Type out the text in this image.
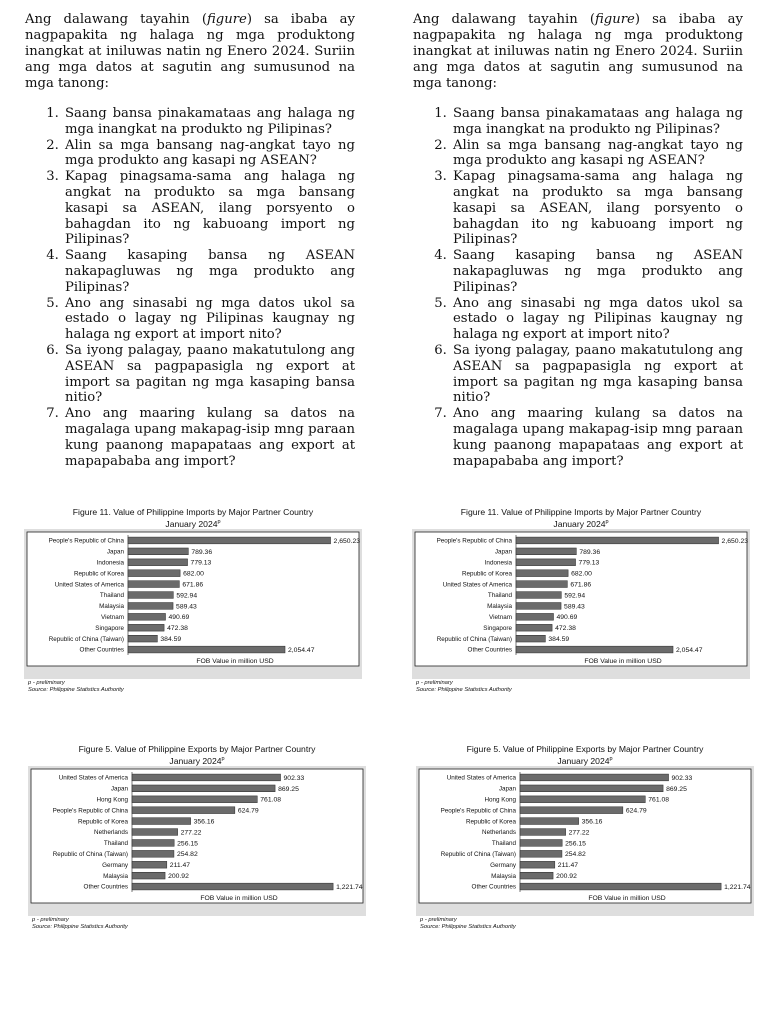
Ang dalawang tayahin (figure) sa ibaba ay nagpapakita ng halaga ng mga produktong inangkat at iniluwas natin ng Enero 2024. Suriin ang mga datos at sagutin ang sumusunod na mga tanong:

1. Saang bansa pinakamataas ang halaga ng mga inangkat na produkto ng Pilipinas?
2. Alin sa mga bansang nag-angkat tayo ng mga produkto ang kasapi ng ASEAN?
3. Kapag pinagsama-sama ang halaga ng angkat na produkto sa mga bansang kasapi sa ASEAN, ilang porsyento o bahagdan ito ng kabuoang import ng Pilipinas?
4. Saang kasaping bansa ng ASEAN nakapagluwas ng mga produkto ang Pilipinas?
5. Ano ang sinasabi ng mga datos ukol sa estado o lagay ng Pilipinas kaugnay ng halaga ng export at import nito?
6. Sa iyong palagay, paano makatutulong ang ASEAN sa pagpapasigla ng export at import sa pagitan ng mga kasaping bansa nitio?
7. Ano ang maaring kulang sa datos na magalaga upang makapag-isip mng paraan kung paanong mapapataas ang export at mapapababa ang import?

Ang dalawang tayahin (figure) sa ibaba ay nagpapakita ng halaga ng mga produktong inangkat at iniluwas natin ng Enero 2024. Suriin ang mga datos at sagutin ang sumusunod na mga tanong:

1. Saang bansa pinakamataas ang halaga ng mga inangkat na produkto ng Pilipinas?
2. Alin sa mga bansang nag-angkat tayo ng mga produkto ang kasapi ng ASEAN?
3. Kapag pinagsama-sama ang halaga ng angkat na produkto sa mga bansang kasapi sa ASEAN, ilang porsyento o bahagdan ito ng kabuoang import ng Pilipinas?
4. Saang kasaping bansa ng ASEAN nakapagluwas ng mga produkto ang Pilipinas?
5. Ano ang sinasabi ng mga datos ukol sa estado o lagay ng Pilipinas kaugnay ng halaga ng export at import nito?
6. Sa iyong palagay, paano makatutulong ang ASEAN sa pagpapasigla ng export at import sa pagitan ng mga kasaping bansa nitio?
7. Ano ang maaring kulang sa datos na magalaga upang makapag-isip mng paraan kung paanong mapapataas ang export at mapapababa ang import?
Figure 11. Value of Philippine Imports by Major Partner Country
January 2024$^p$
People's Republic of China	2,650.23
Japan	789.36
Indonesia	779.13
Republic of Korea	682.00
United States of America	671.86
Thailand	592.94
Malaysia	589.43
Vietnam	490.69
Singapore	472.38
Republic of China (Taiwan)	384.59
Other Countries	2,054.47
FOB Value in million USD
p - preliminary
Source: Philippine Statistics Authority
Figure 11. Value of Philippine Imports by Major Partner Country
January 2024$^p$
People's Republic of China	2,650.23
Japan	789.36
Indonesia	779.13
Republic of Korea	682.00
United States of America	671.86
Thailand	592.94
Malaysia	589.43
Vietnam	490.69
Singapore	472.38
Republic of China (Taiwan)	384.59
Other Countries	2,054.47
FOB Value in million USD
p - preliminary
Source: Philippine Statistics Authority
Figure 5. Value of Philippine Exports by Major Partner Country
January 2024$^p$
United States of America	902.33
Japan	869.25
Hong Kong	761.08
People's Republic of China	624.79
Republic of Korea	356.16
Netherlands	277.22
Thailand	256.15
Republic of China (Taiwan)	254.82
Germany	211.47
Malaysia	200.92
Other Countries	1,221.74
FOB Value in million USD
p - preliminary
Source: Philippine Statistics Authority
Figure 5. Value of Philippine Exports by Major Partner Country
January 2024$^p$
United States of America	902.33
Japan	869.25
Hong Kong	761.08
People's Republic of China	624.79
Republic of Korea	356.16
Netherlands	277.22
Thailand	256.15
Republic of China (Taiwan)	254.82
Germany	211.47
Malaysia	200.92
Other Countries	1,221.74
FOB Value in million USD
p - preliminary
Source: Philippine Statistics Authority
